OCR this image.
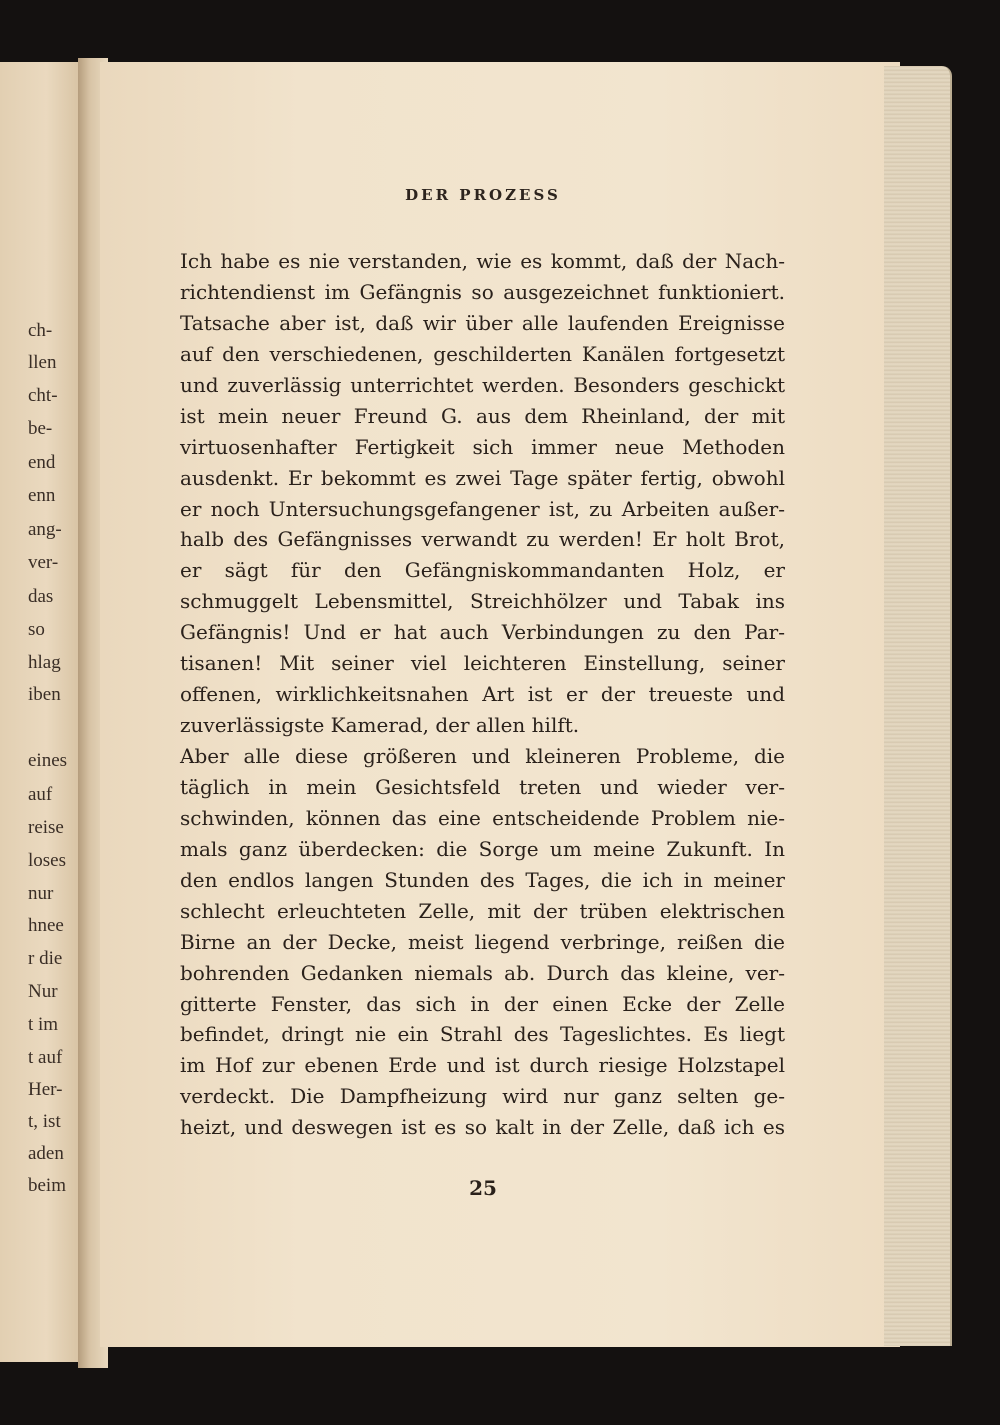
ch-
llen
cht-
be-
end
enn
ang-
ver-
das
so
hlag
iben
eines
auf
reise
loses
nur
hnee
r die
Nur
t im
t auf
Her-
t, ist
aden
beim
DER PROZESS
Ich habe es nie verstanden, wie es kommt, daß der Nach-
richtendienst im Gefängnis so ausgezeichnet funktioniert.
Tatsache aber ist, daß wir über alle laufenden Ereignisse
auf den verschiedenen, geschilderten Kanälen fortgesetzt
und zuverlässig unterrichtet werden. Besonders geschickt
ist mein neuer Freund G. aus dem Rheinland, der mit
virtuosenhafter Fertigkeit sich immer neue Methoden
ausdenkt. Er bekommt es zwei Tage später fertig, obwohl
er noch Untersuchungsgefangener ist, zu Arbeiten außer-
halb des Gefängnisses verwandt zu werden! Er holt Brot,
er sägt für den Gefängniskommandanten Holz, er
schmuggelt Lebensmittel, Streichhölzer und Tabak ins
Gefängnis! Und er hat auch Verbindungen zu den Par-
tisanen! Mit seiner viel leichteren Einstellung, seiner
offenen, wirklichkeitsnahen Art ist er der treueste und
zuverlässigste Kamerad, der allen hilft.
Aber alle diese größeren und kleineren Probleme, die
täglich in mein Gesichtsfeld treten und wieder ver-
schwinden, können das eine entscheidende Problem nie-
mals ganz überdecken: die Sorge um meine Zukunft. In
den endlos langen Stunden des Tages, die ich in meiner
schlecht erleuchteten Zelle, mit der trüben elektrischen
Birne an der Decke, meist liegend verbringe, reißen die
bohrenden Gedanken niemals ab. Durch das kleine, ver-
gitterte Fenster, das sich in der einen Ecke der Zelle
befindet, dringt nie ein Strahl des Tageslichtes. Es liegt
im Hof zur ebenen Erde und ist durch riesige Holzstapel
verdeckt. Die Dampfheizung wird nur ganz selten ge-
heizt, und deswegen ist es so kalt in der Zelle, daß ich es
25
